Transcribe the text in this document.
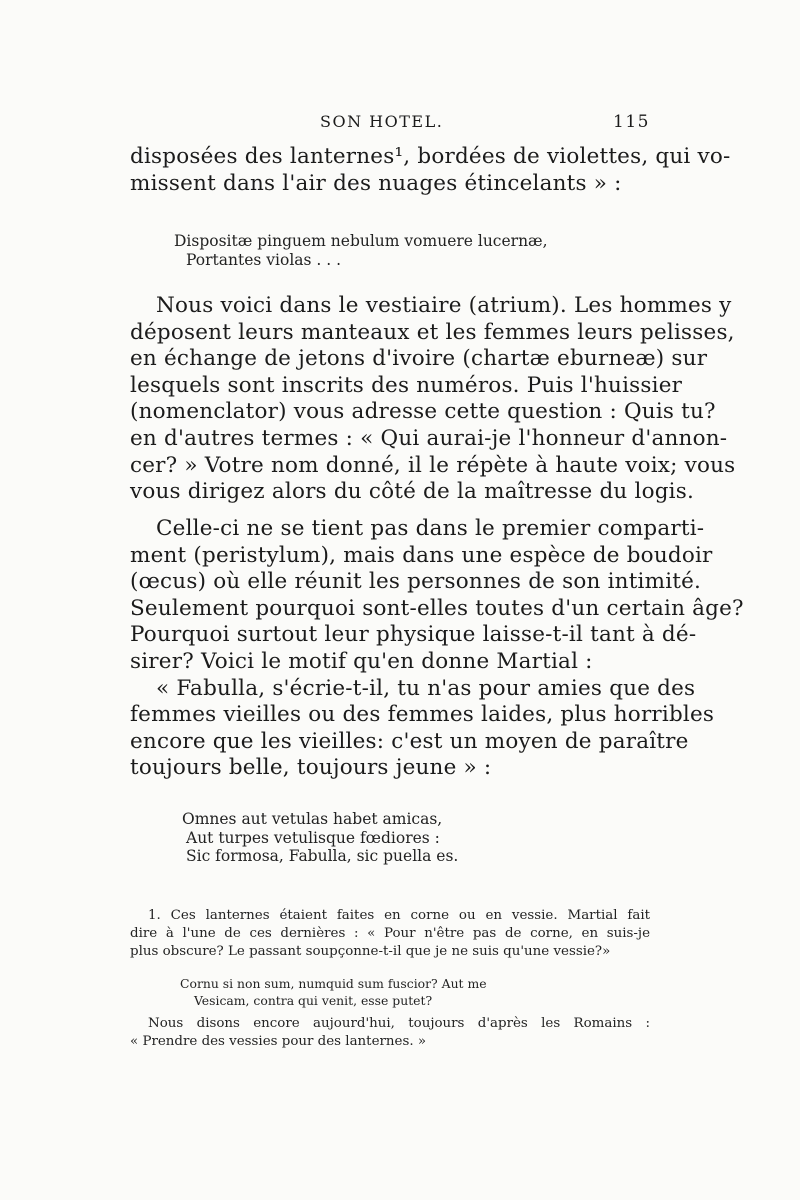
SON HOTEL.	115
disposées des lanternes¹, bordées de violettes, qui vo-
missent dans l'air des nuages étincelants » :
Dispositæ pinguem nebulum vomuere lucernæ,
Portantes violas . . .
Nous voici dans le vestiaire (atrium). Les hommes y
déposent leurs manteaux et les femmes leurs pelisses,
en échange de jetons d'ivoire (chartæ eburneæ) sur
lesquels sont inscrits des numéros. Puis l'huissier
(nomenclator) vous adresse cette question : Quis tu?
en d'autres termes : « Qui aurai-je l'honneur d'annon-
cer? » Votre nom donné, il le répète à haute voix; vous
vous dirigez alors du côté de la maîtresse du logis.
Celle-ci ne se tient pas dans le premier comparti-
ment (peristylum), mais dans une espèce de boudoir
(œcus) où elle réunit les personnes de son intimité.
Seulement pourquoi sont-elles toutes d'un certain âge?
Pourquoi surtout leur physique laisse-t-il tant à dé-
sirer? Voici le motif qu'en donne Martial :
« Fabulla, s'écrie-t-il, tu n'as pour amies que des
femmes vieilles ou des femmes laides, plus horribles
encore que les vieilles: c'est un moyen de paraître
toujours belle, toujours jeune » :
Omnes aut vetulas habet amicas,
Aut turpes vetulisque fœdiores :
Sic formosa, Fabulla, sic puella es.
1. Ces lanternes étaient faites en corne ou en vessie. Martial fait
dire à l'une de ces dernières : « Pour n'être pas de corne, en suis-je
plus obscure? Le passant soupçonne-t-il que je ne suis qu'une vessie?»
Cornu si non sum, numquid sum fuscior? Aut me
Vesicam, contra qui venit, esse putet?
Nous disons encore aujourd'hui, toujours d'après les Romains :
« Prendre des vessies pour des lanternes. »
